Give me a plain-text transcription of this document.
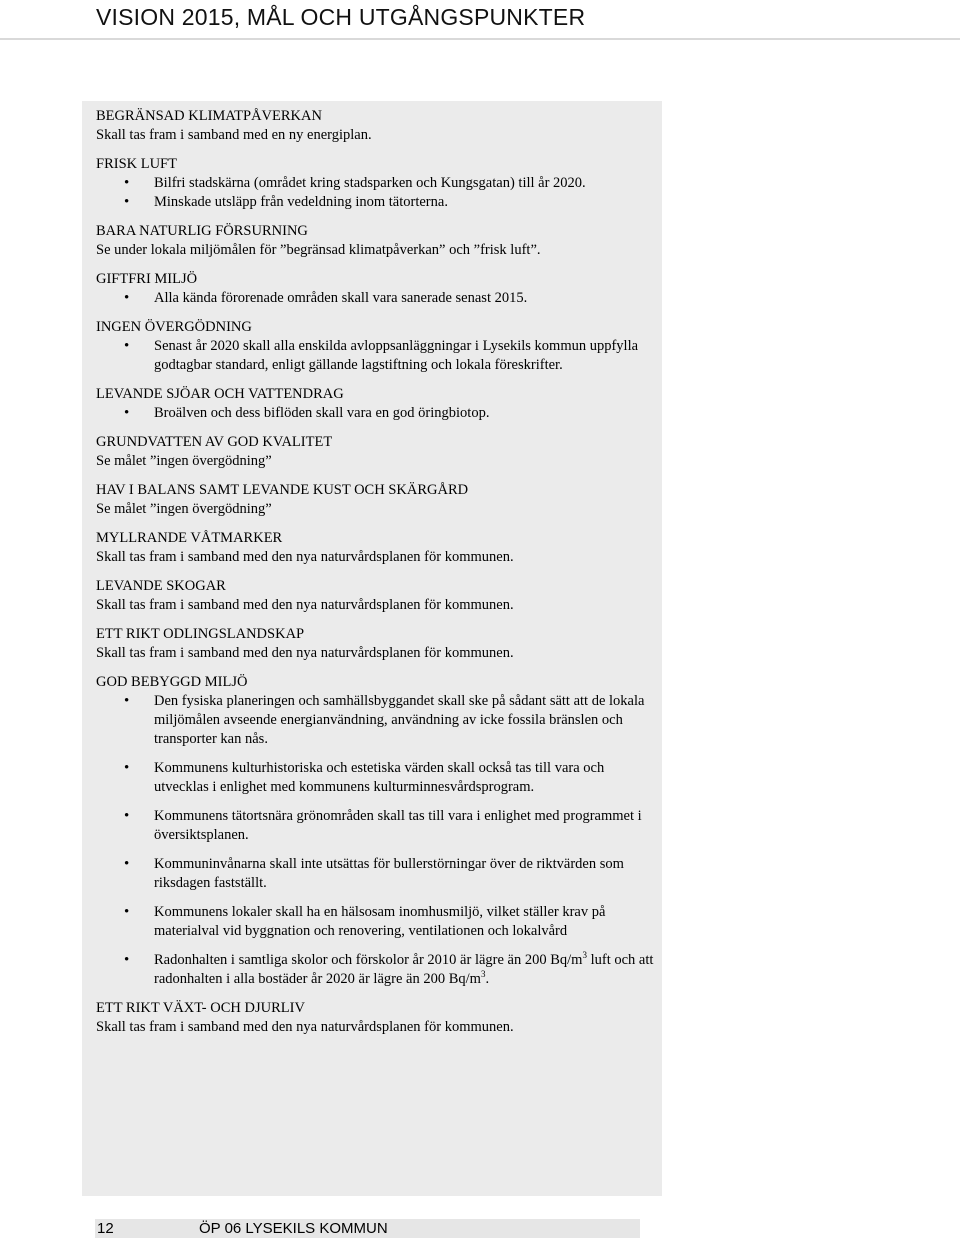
VISION 2015, MÅL OCH UTGÅNGSPUNKTER
BEGRÄNSAD KLIMATPÅVERKAN
Skall tas fram i samband med en ny energiplan.
FRISK LUFT
• Bilfri stadskärna (området kring stadsparken och Kungsgatan) till år 2020.
• Minskade utsläpp från vedeldning inom tätorterna.
BARA NATURLIG FÖRSURNING
Se under lokala miljömålen för ”begränsad klimatpåverkan” och ”frisk luft”.
GIFTFRI MILJÖ
• Alla kända förorenade områden skall vara sanerade senast 2015.
INGEN ÖVERGÖDNING
• Senast år 2020 skall alla enskilda avloppsanläggningar i Lysekils kommun uppfylla godtagbar standard, enligt gällande lagstiftning och lokala föreskrifter.
LEVANDE SJÖAR OCH VATTENDRAG
• Broälven och dess biflöden skall vara en god öringbiotop.
GRUNDVATTEN AV GOD KVALITET
Se målet ”ingen övergödning”
HAV I BALANS SAMT LEVANDE KUST OCH SKÄRGÅRD
Se målet ”ingen övergödning”
MYLLRANDE VÅTMARKER
Skall tas fram i samband med den nya naturvårdsplanen för kommunen.
LEVANDE SKOGAR
Skall tas fram i samband med den nya naturvårdsplanen för kommunen.
ETT RIKT ODLINGSLANDSKAP
Skall tas fram i samband med den nya naturvårdsplanen för kommunen.
GOD BEBYGGD MILJÖ
• Den fysiska planeringen och samhällsbyggandet skall ske på sådant sätt att de lokala miljömålen avseende energianvändning, användning av icke fossila bränslen och transporter kan nås.
• Kommunens kulturhistoriska och estetiska värden skall också tas till vara och utvecklas i enlighet med kommunens kulturminnesvårdsprogram.
• Kommunens tätortsnära grönområden skall tas till vara i enlighet med programmet i översiktsplanen.
• Kommuninvånarna skall inte utsättas för bullerstörningar över de riktvärden som riksdagen fastställt.
• Kommunens lokaler skall ha en hälsosam inomhusmiljö, vilket ställer krav på materialval vid byggnation och renovering, ventilationen och lokalvård
• Radonhalten i samtliga skolor och förskolor år 2010 är lägre än 200 $Bq/m^3$ luft och att radonhalten i alla bostäder år 2020 är lägre än 200 $Bq/m^3$.
ETT RIKT VÄXT- OCH DJURLIV
Skall tas fram i samband med den nya naturvårdsplanen för kommunen.
12	ÖP 06 LYSEKILS KOMMUN
